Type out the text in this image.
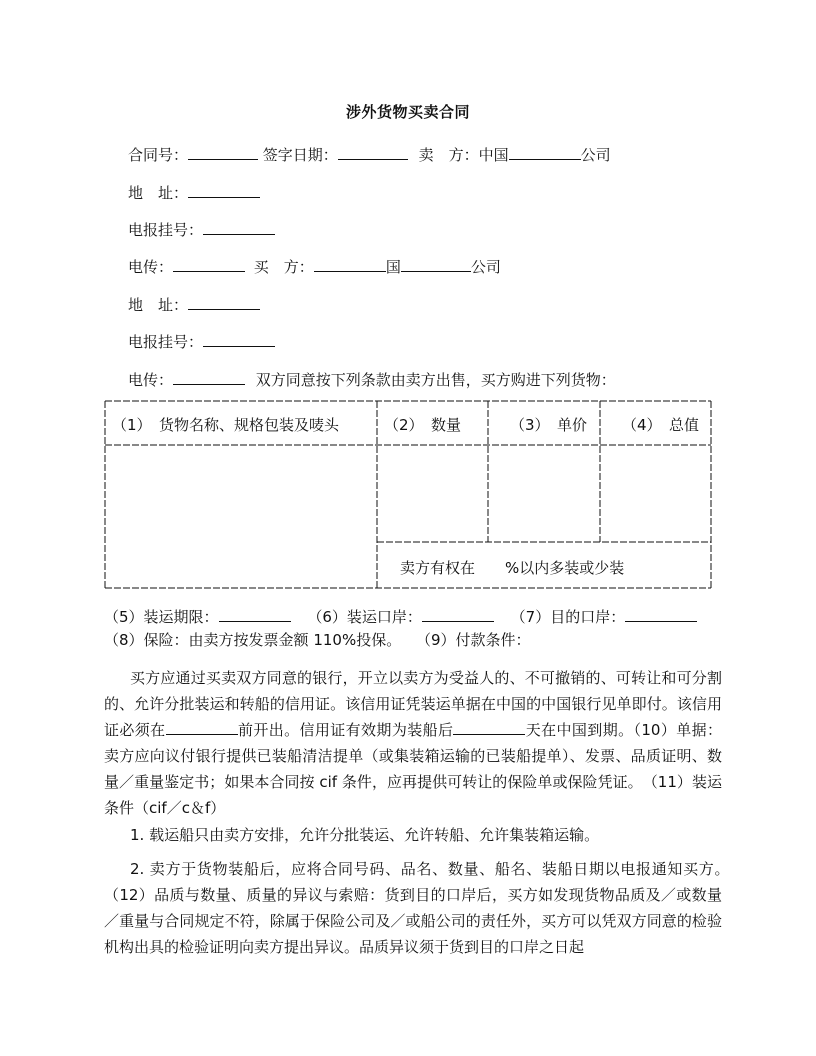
涉外货物买卖合同
合同号：	签字日期：	卖　方：中国	公司
地　址：
电报挂号：
电传：	买　方：	国	公司
地　址：
电报挂号：
电传：	双方同意按下列条款由卖方出售，买方购进下列货物：
（1）　货物名称、规格包装及唛头	（2）　数量	（3）　单价 （4）　总值
卖方有权在 %以内多装或少装
（5）装运期限：	（6）装运口岸：	（7）目的口岸：
（8）保险：由卖方按发票金额 110%投保。 （9）付款条件：
买方应通过买卖双方同意的银行，开立以卖方为受益人的、不可撤销的、可转让和可分割的、允许分批装运和转船的信用证。该信用证凭装运单据在中国的中国银行见单即付。该信用证必须在	前开出。信用证有效期为装船后	天在中国到期。（10）单据：卖方应向议付银行提供已装船清洁提单（或集装箱运输的已装船提单）、发票、品质证明、数量／重量鉴定书；如果本合同按 cif 条件，应再提供可转让的保险单或保险凭证。　（11）装运条件（cif／c＆f）
1. 载运船只由卖方安排，允许分批装运、允许转船、允许集装箱运输。
2. 卖方于货物装船后，应将合同号码、品名、数量、船名、装船日期以电报通知买方。　（12）品质与数量、质量的异议与索赔：货到目的口岸后，买方如发现货物品质及／或数量／重量与合同规定不符，除属于保险公司及／或船公司的责任外，买方可以凭双方同意的检验机构出具的检验证明向卖方提出异议。品质异议须于货到目的口岸之日起
